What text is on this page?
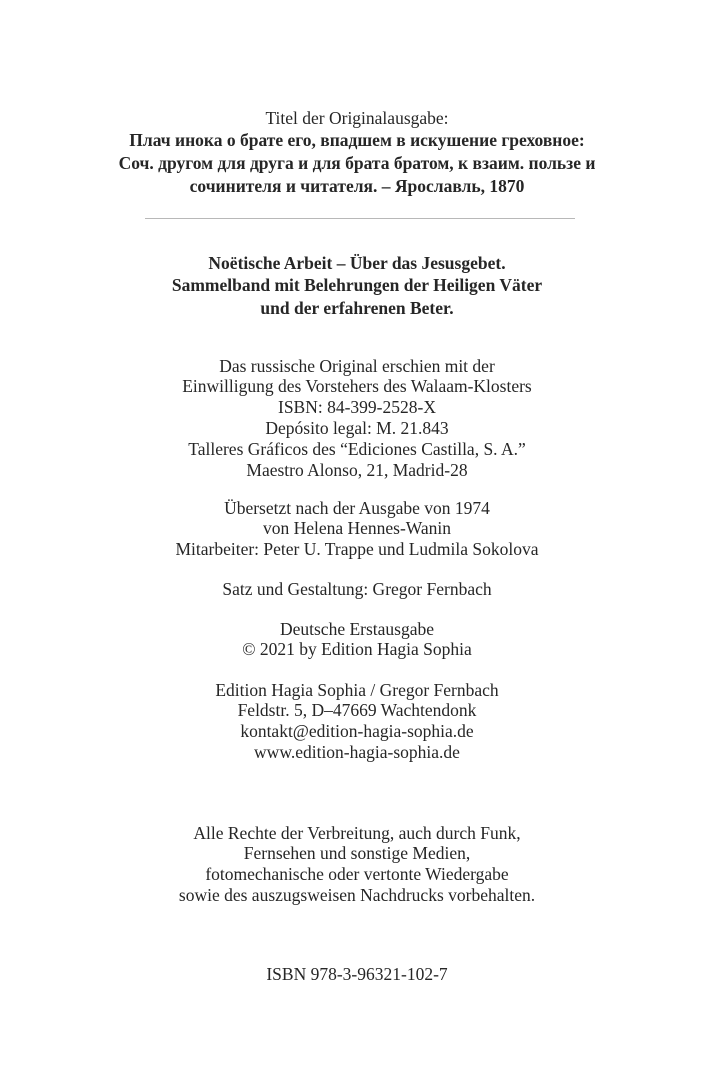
Titel der Originalausgabe:
Плач инока о брате его, впадшем в искушение греховное:
Соч. другом для друга и для брата братом, к взаим. пользе и
сочинителя и читателя. – Ярославль, 1870
Noëtische Arbeit – Über das Jesusgebet.
Sammelband mit Belehrungen der Heiligen Väter
und der erfahrenen Beter.
Das russische Original erschien mit der
Einwilligung des Vorstehers des Walaam-Klosters
ISBN: 84-399-2528-X
Depósito legal: M. 21.843
Talleres Gráficos des “Ediciones Castilla, S. A.”
Maestro Alonso, 21, Madrid-28
Übersetzt nach der Ausgabe von 1974
von Helena Hennes-Wanin
Mitarbeiter: Peter U. Trappe und Ludmila Sokolova
Satz und Gestaltung: Gregor Fernbach
Deutsche Erstausgabe
© 2021 by Edition Hagia Sophia
Edition Hagia Sophia / Gregor Fernbach
Feldstr. 5, D–47669 Wachtendonk
kontakt@edition-hagia-sophia.de
www.edition-hagia-sophia.de
Alle Rechte der Verbreitung, auch durch Funk,
Fernsehen und sonstige Medien,
fotomechanische oder vertonte Wiedergabe
sowie des auszugsweisen Nachdrucks vorbehalten.
ISBN 978-3-96321-102-7
